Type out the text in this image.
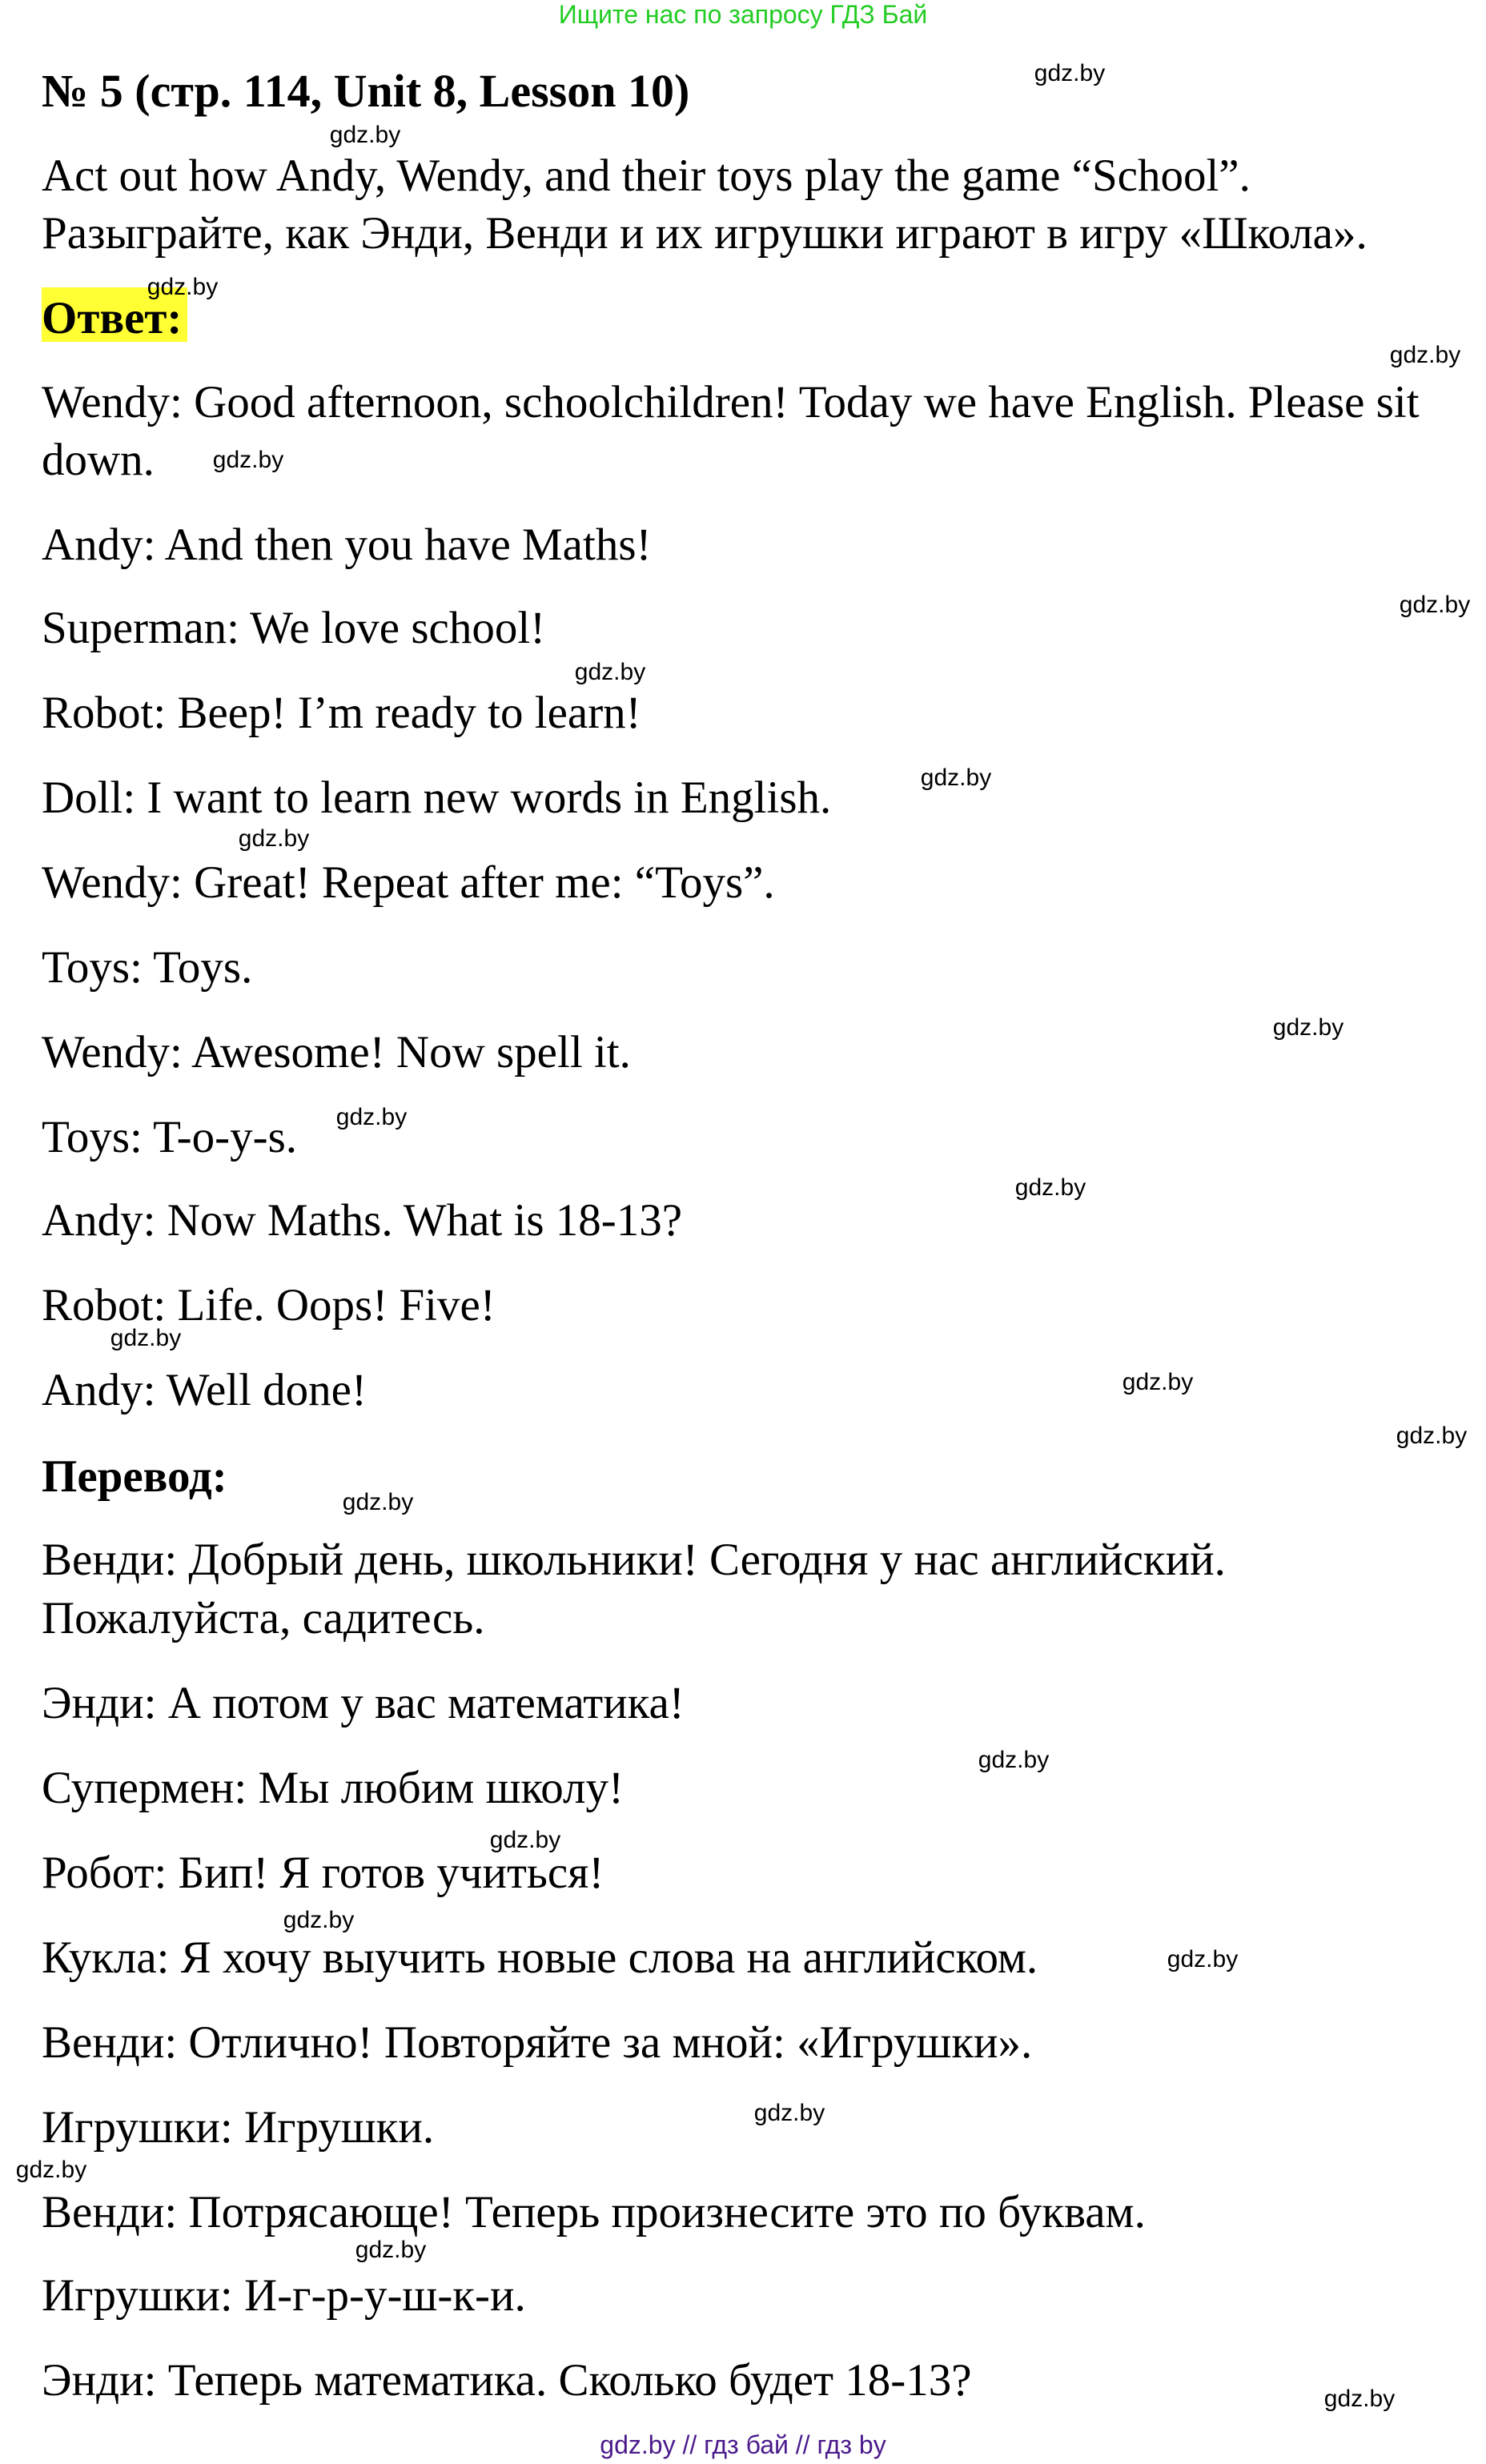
Ищите нас по запросу ГДЗ Бай
№ 5 (стр. 114, Unit 8, Lesson 10)
Act out how Andy, Wendy, and their toys play the game “School”.
Разыграйте, как Энди, Венди и их игрушки играют в игру «Школа».
Ответ:
Wendy: Good afternoon, schoolchildren! Today we have English. Please sit
down.
Andy: And then you have Maths!
Superman: We love school!
Robot: Beep! I’m ready to learn!
Doll: I want to learn new words in English.
Wendy: Great! Repeat after me: “Toys”.
Toys: Toys.
Wendy: Awesome! Now spell it.
Toys: T-o-y-s.
Andy: Now Maths. What is 18-13?
Robot: Life. Oops! Five!
Andy: Well done!
Перевод:
Венди: Добрый день, школьники! Сегодня у нас английский.
Пожалуйста, садитесь.
Энди: А потом у вас математика!
Супермен: Мы любим школу!
Робот: Бип! Я готов учиться!
Кукла: Я хочу выучить новые слова на английском.
Венди: Отлично! Повторяйте за мной: «Игрушки».
Игрушки: Игрушки.
Венди: Потрясающе! Теперь произнесите это по буквам.
Игрушки: И-г-р-у-ш-к-и.
Энди: Теперь математика. Сколько будет 18-13?
gdz.by
gdz.by
gdz.by
gdz.by
gdz.by
gdz.by
gdz.by
gdz.by
gdz.by
gdz.by
gdz.by
gdz.by
gdz.by
gdz.by
gdz.by
gdz.by
gdz.by
gdz.by
gdz.by
gdz.by
gdz.by
gdz.by
gdz.by
gdz.by
gdz.by // гдз бай // гдз by
